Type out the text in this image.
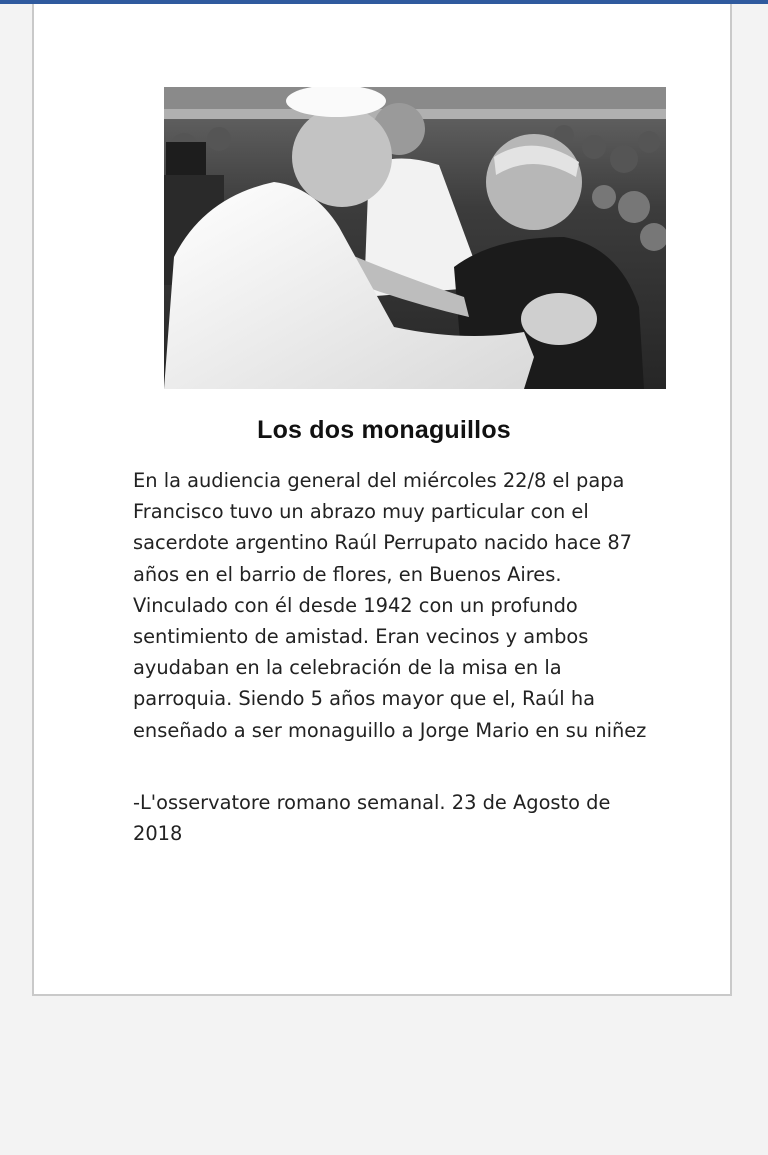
Los dos monaguillos

En la audiencia general del miércoles 22/8 el papa Francisco tuvo un abrazo muy particular con el sacerdote argentino Raúl Perrupato nacido hace 87 años en el barrio de flores, en Buenos Aires. Vinculado con él desde 1942 con un profundo sentimiento de amistad. Eran vecinos y ambos ayudaban en la celebración de la misa en la parroquia. Siendo 5 años mayor que el, Raúl ha enseñado a ser monaguillo a Jorge Mario en su niñez

-L'osservatore romano semanal. 23 de Agosto de 2018
